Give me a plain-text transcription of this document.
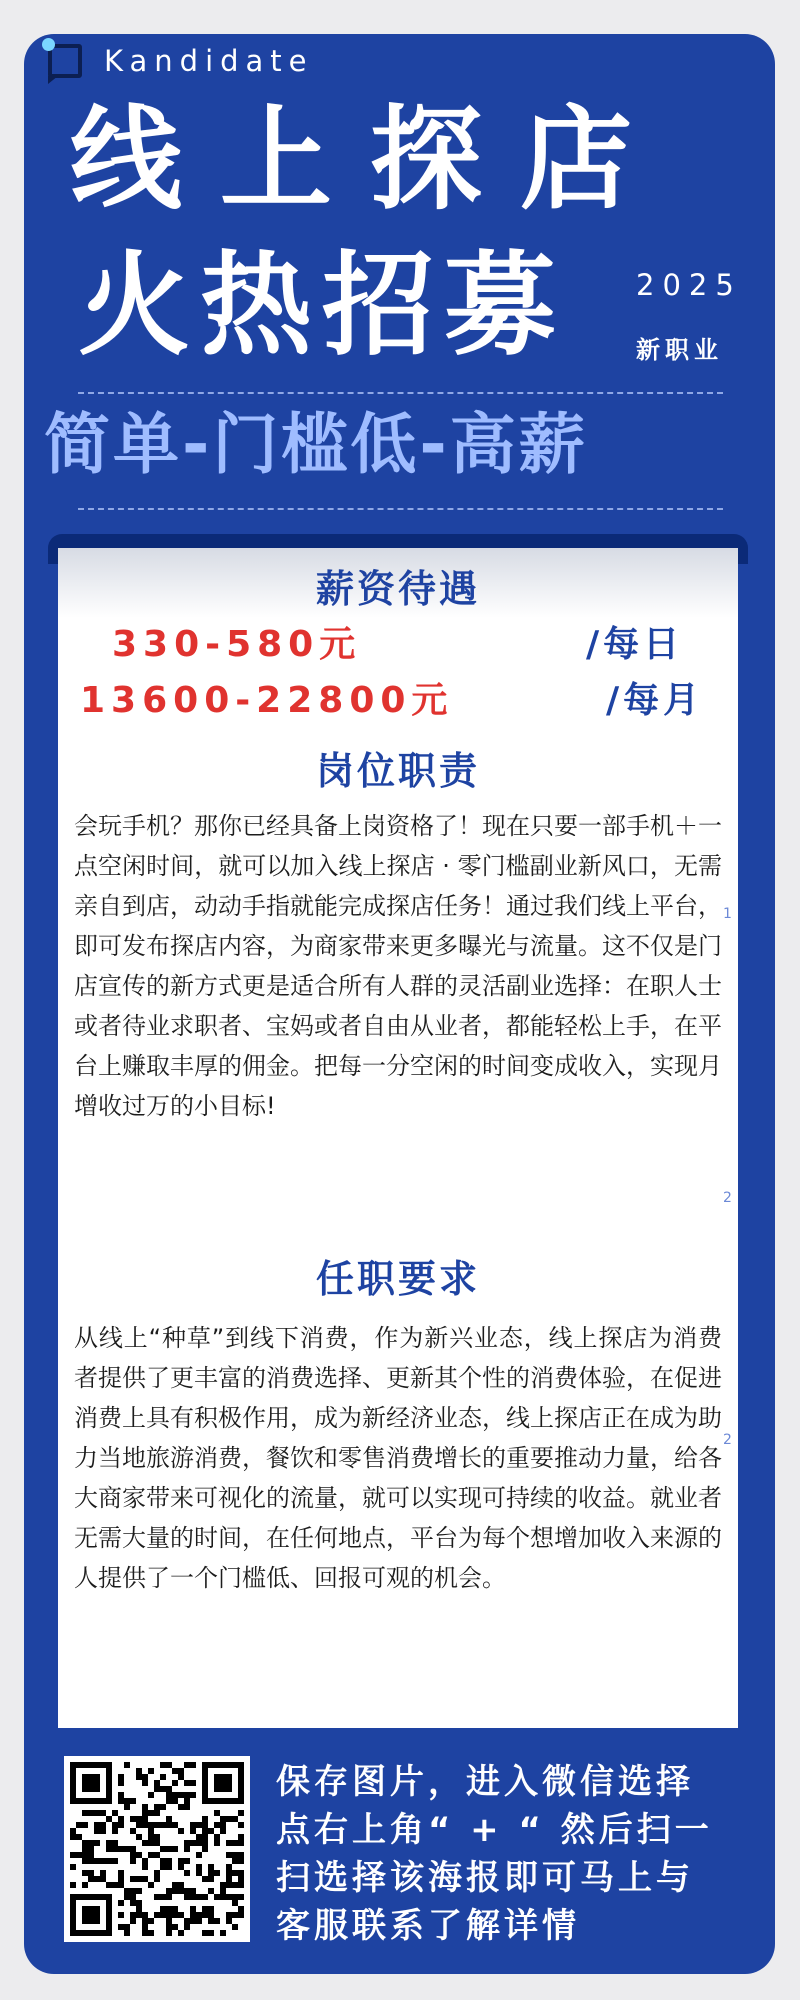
Kandidate
线上探店
火热招募 2025
新职业
简单-门槛低-高薪
薪资待遇
330-580元	/每日
13600-22800元	/每月
岗位职责
会玩手机？那你已经具备上岗资格了！现在只要一部手机＋一点空闲时间，就可以加入线上探店 · 零门槛副业新风口，无需亲自到店，动动手指就能完成探店任务！通过我们线上平台，即可发布探店内容，为商家带来更多曝光与流量。这不仅是门店宣传的新方式更是适合所有人群的灵活副业选择：在职人士或者待业求职者、宝妈或者自由从业者，都能轻松上手，在平台上赚取丰厚的佣金。把每一分空闲的时间变成收入，实现月增收过万的小目标!
1
2
任职要求
从线上“种草”到线下消费，作为新兴业态，线上探店为消费者提供了更丰富的消费选择、更新其个性的消费体验，在促进消费上具有积极作用，成为新经济业态，线上探店正在成为助力当地旅游消费，餐饮和零售消费增长的重要推动力量，给各大商家带来可视化的流量，就可以实现可持续的收益。就业者无需大量的时间，在任何地点，平台为每个想增加收入来源的人提供了一个门槛低、回报可观的机会。
2
保存图片，进入微信选择
点右上角“ + “ 然后扫一
扫选择该海报即可马上与
客服联系了解详情
